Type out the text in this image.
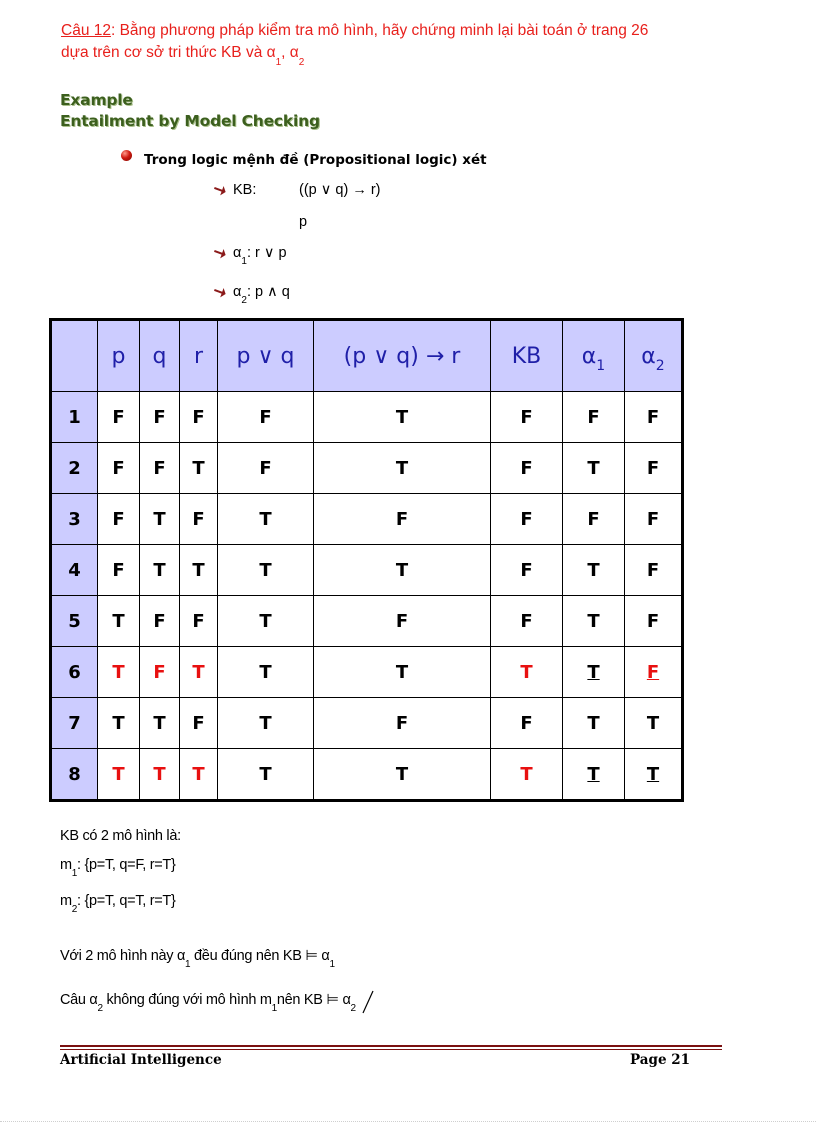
Câu 12: Bằng phương pháp kiểm tra mô hình, hãy chứng minh lại bài toán ở trang 26
dựa trên cơ sở tri thức KB và $\alpha_1$, $\alpha_2$
Example
Entailment by Model Checking
Trong logic mệnh đề (Propositional logic) xét
KB:	((p ∨ q) → r)
p
$\alpha_1$: r ∨ p
$\alpha_2$: p ∧ q
	p	q	r	p ∨ q	(p ∨ q) → r	KB	$\alpha_1$	$\alpha_2$
1	F	F	F	F	T	F	F	F
2	F	F	T	F	T	F	T	F
3	F	T	F	T	F	F	F	F
4	F	T	T	T	T	F	T	F
5	T	F	F	T	F	F	T	F
6	T	F	T	T	T	T	T	F
7	T	T	F	T	F	F	T	T
8	T	T	T	T	T	T	T	T
KB có 2 mô hình là:
$m_1$: {p=T, q=F, r=T}
$m_2$: {p=T, q=T, r=T}
Với 2 mô hình này $\alpha_1$ đều đúng nên KB ⊨ $\alpha_1$
Câu $\alpha_2$ không đúng với mô hình $m_1nên$ KB ⊨ α
$_2$
Artificial Intelligence	Page 21
